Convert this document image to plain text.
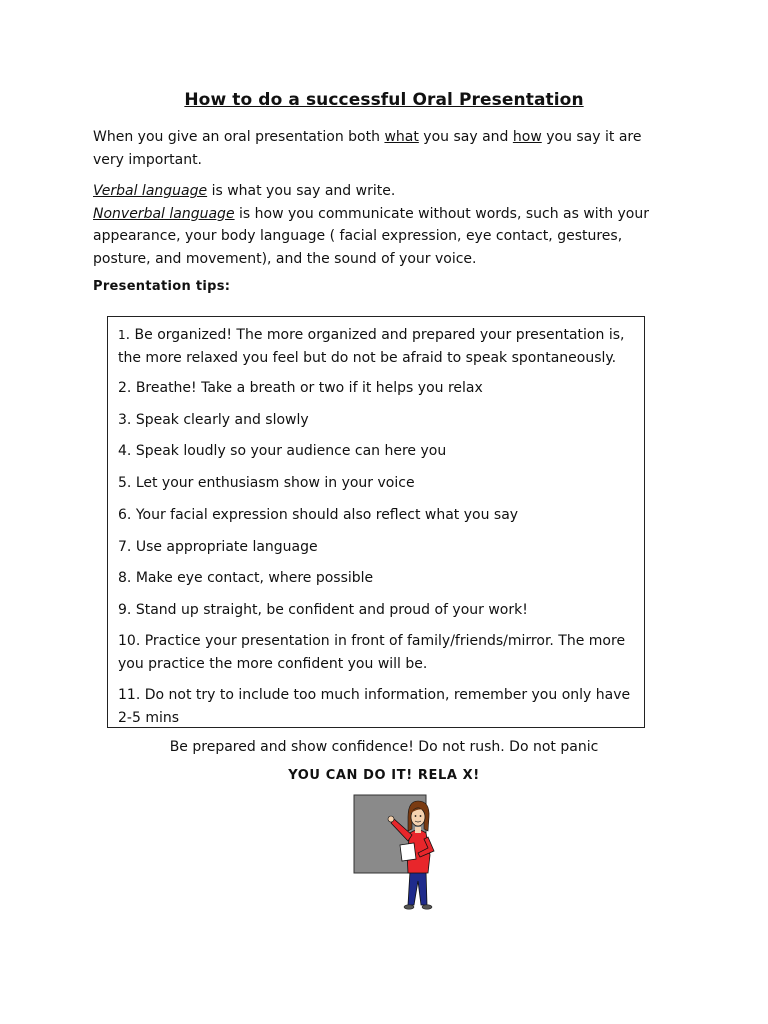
How to do a successful Oral Presentation
When you give an oral presentation both what you say and how you say it are very important.
Verbal language is what you say and write.
Nonverbal language is how you communicate without words, such as with your appearance, your body language ( facial expression, eye contact, gestures, posture, and movement), and the sound of your voice.
Presentation tips:
1. Be organized! The more organized and prepared your presentation is, the more relaxed you feel but do not be afraid to speak spontaneously.
2. Breathe! Take a breath or two if it helps you relax
3. Speak clearly and slowly
4. Speak loudly so your audience can here you
5. Let your enthusiasm show in your voice
6. Your facial expression should also reflect what you say
7. Use appropriate language
8. Make eye contact, where possible
9. Stand up straight, be confident and proud of your work!
10. Practice your presentation in front of family/friends/mirror. The more you practice the more confident you will be.
11. Do not try to include too much information, remember you only have 2-5 mins
Be prepared and show confidence! Do not rush. Do not panic
YOU CAN DO IT! RELA X!
